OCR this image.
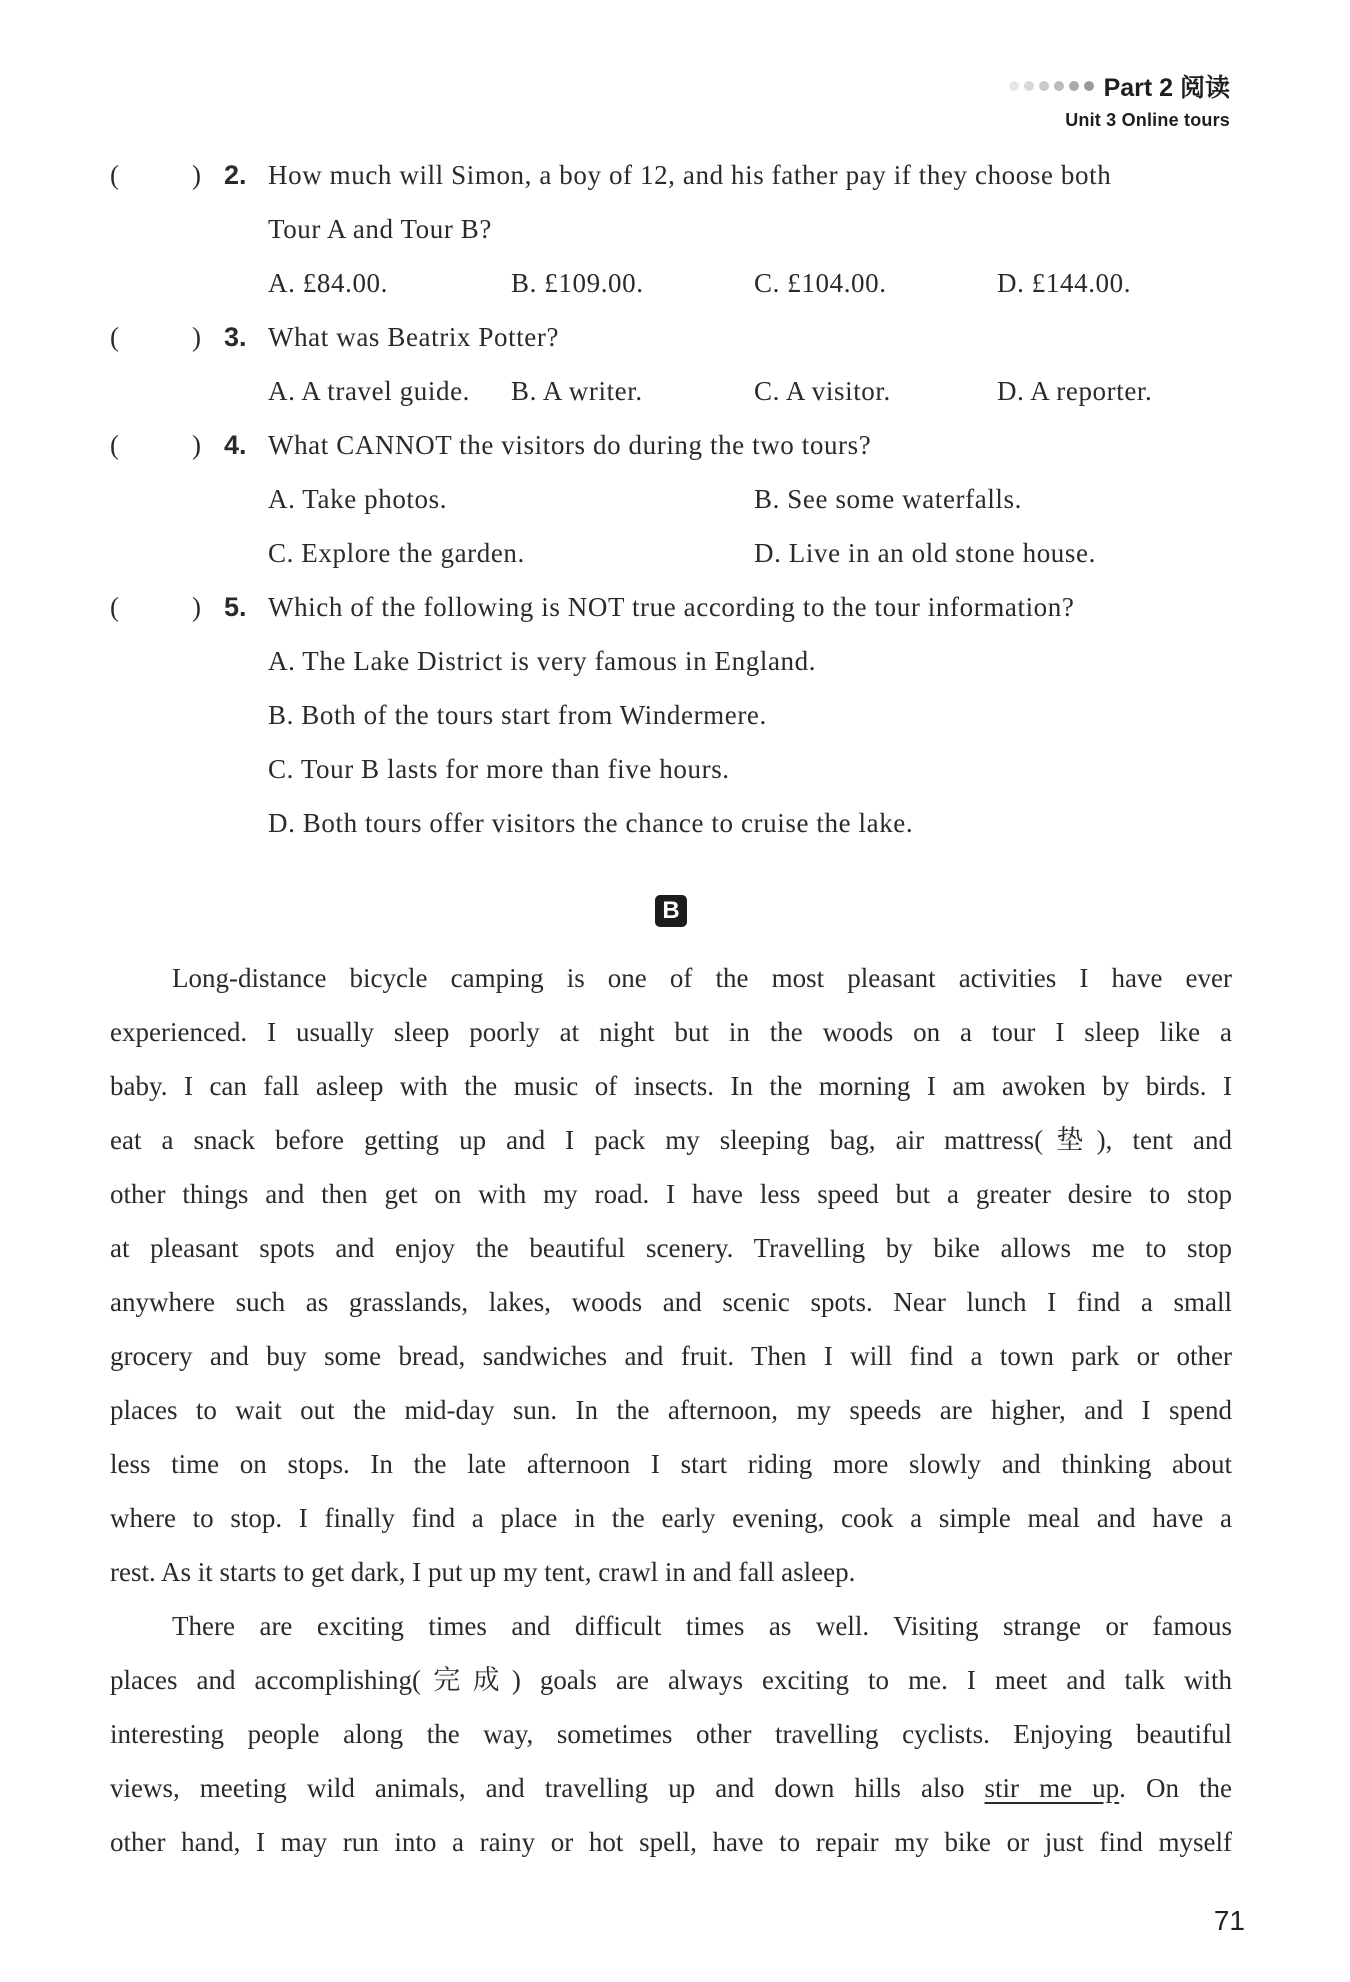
Part 2 阅读
Unit 3 Online tours
(	) 2. How much will Simon, a boy of 12, and his father pay if they choose both
Tour A and Tour B?
A. £84.00.	B. £109.00.	C. £104.00.	D. £144.00.
(	) 3. What was Beatrix Potter?
A. A travel guide. B. A writer.	C. A visitor.	D. A reporter.
(	) 4. What CANNOT the visitors do during the two tours?
A. Take photos.	B. See some waterfalls.
C. Explore the garden.	D. Live in an old stone house.
(	) 5. Which of the following is NOT true according to the tour information?
A. The Lake District is very famous in England.
B. Both of the tours start from Windermere.
C. Tour B lasts for more than five hours.
D. Both tours offer visitors the chance to cruise the lake.
B
Long-distance bicycle camping is one of the most pleasant activities I have ever
experienced. I usually sleep poorly at night but in the woods on a tour I sleep like a
baby. I can fall asleep with the music of insects. In the morning I am awoken by birds. I
eat a snack before getting up and I pack my sleeping bag, air mattress(垫), tent and
other things and then get on with my road. I have less speed but a greater desire to stop
at pleasant spots and enjoy the beautiful scenery. Travelling by bike allows me to stop
anywhere such as grasslands, lakes, woods and scenic spots. Near lunch I find a small
grocery and buy some bread, sandwiches and fruit. Then I will find a town park or other
places to wait out the mid-day sun. In the afternoon, my speeds are higher, and I spend
less time on stops. In the late afternoon I start riding more slowly and thinking about
where to stop. I finally find a place in the early evening, cook a simple meal and have a
rest. As it starts to get dark, I put up my tent, crawl in and fall asleep.
There are exciting times and difficult times as well. Visiting strange or famous
places and accomplishing(完成) goals are always exciting to me. I meet and talk with
interesting people along the way, sometimes other travelling cyclists. Enjoying beautiful
views, meeting wild animals, and travelling up and down hills also stir me up. On the
other hand, I may run into a rainy or hot spell, have to repair my bike or just find myself
71
